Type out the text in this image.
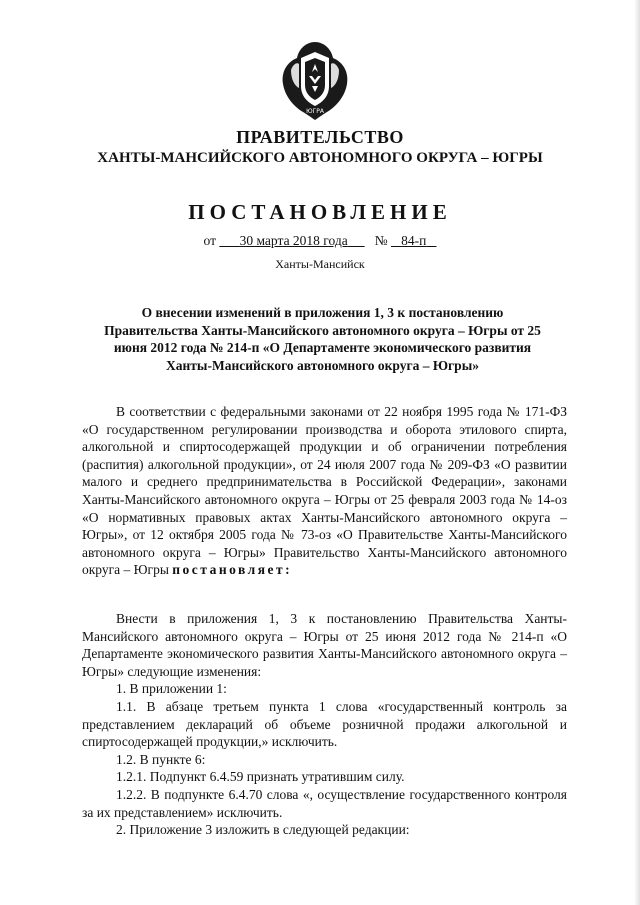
ЮГРА
ПРАВИТЕЛЬСТВО
ХАНТЫ-МАНСИЙСКОГО АВТОНОМНОГО ОКРУГА – ЮГРЫ
ПОСТАНОВЛЕНИЕ
от 30 марта 2018 года № 84-п
Ханты-Мансийск
О внесении изменений в приложения 1, 3 к постановлению Правительства Ханты-Мансийского автономного округа – Югры от 25 июня 2012 года № 214-п «О Департаменте экономического развития Ханты-Мансийского автономного округа – Югры»

В соответствии с федеральными законами от 22 ноября 1995 года № 171-ФЗ «О государственном регулировании производства и оборота этилового спирта, алкогольной и спиртосодержащей продукции и об ограничении потребления (распития) алкогольной продукции», от 24 июля 2007 года № 209-ФЗ «О развитии малого и среднего предпринимательства в Российской Федерации», законами Ханты-Мансийского автономного округа – Югры от 25 февраля 2003 года № 14-оз «О нормативных правовых актах Ханты-Мансийского автономного округа – Югры», от 12 октября 2005 года № 73-оз «О Правительстве Ханты-Мансийского автономного округа – Югры» Правительство Ханты-Мансийского автономного округа – Югры постановляет:

Внести в приложения 1, 3 к постановлению Правительства Ханты-Мансийского автономного округа – Югры от 25 июня 2012 года № 214-п «О Департаменте экономического развития Ханты-Мансийского автономного округа – Югры» следующие изменения:

1. В приложении 1:

1.1. В абзаце третьем пункта 1 слова «государственный контроль за представлением деклараций об объеме розничной продажи алкогольной и спиртосодержащей продукции,» исключить.

1.2. В пункте 6:

1.2.1. Подпункт 6.4.59 признать утратившим силу.

1.2.2. В подпункте 6.4.70 слова «, осуществление государственного контроля за их представлением» исключить.

2. Приложение 3 изложить в следующей редакции:
